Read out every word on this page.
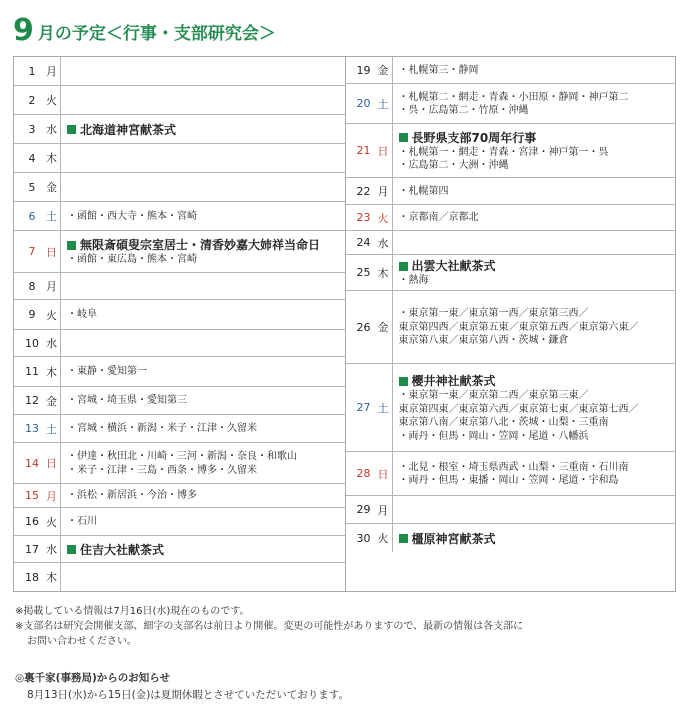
9 月の予定＜行事・支部研究会＞
1 月
2 火
3 水 北海道神宮献茶式
4 木
5 金
6 土 ・函館・西大寺・熊本・宮崎
7 日 無限斎碩叟宗室居士・清香妙嘉大姉祥当命日
・函館・東広島・熊本・宮崎
8 月
9 火 ・岐阜
10 水
11 木 ・東静・愛知第一
12 金 ・宮城・埼玉県・愛知第三
13 土 ・宮城・横浜・新潟・米子・江津・久留米
14 日
・伊達・秋田北・川崎・三河・新潟・奈良・和歌山
・米子・江津・三島・西条・博多・久留米
15 月 ・浜松・新居浜・今治・博多
16 火 ・石川
17 水 住吉大社献茶式
18 木
19 金 ・札幌第三・静岡
20 土
・札幌第二・網走・青森・小田原・静岡・神戸第二
・呉・広島第二・竹原・沖縄
21 日
長野県支部70周年行事
・札幌第一・網走・青森・宮津・神戸第一・呉
・広島第二・大洲・沖縄
22 月 ・札幌第四
23 火 ・京都南／京都北
24 水
25 木 出雲大社献茶式
・熱海
26 金
・東京第一東／東京第一西／東京第三西／
東京第四西／東京第五東／東京第五西／東京第六東／
東京第八東／東京第八西・茨城・鎌倉
27 土
櫻井神社献茶式
・東京第一東／東京第二西／東京第三東／
東京第四東／東京第六西／東京第七東／東京第七西／
東京第八南／東京第八北・茨城・山梨・三重南
・両丹・但馬・岡山・笠岡・尾道・八幡浜
28 日
・北見・根室・埼玉県西武・山梨・三重南・石川南
・両丹・但馬・東播・岡山・笠岡・尾道・宇和島
29 月
30 火 橿原神宮献茶式
※掲載している情報は7月16日(水)現在のものです。
※支部名は研究会開催支部、細字の支部名は前日より開催。変更の可能性がありますので、最新の情報は各支部に
お問い合わせください。
◎裏千家(事務局)からのお知らせ
8月13日(水)から15日(金)は夏期休暇とさせていただいております。
